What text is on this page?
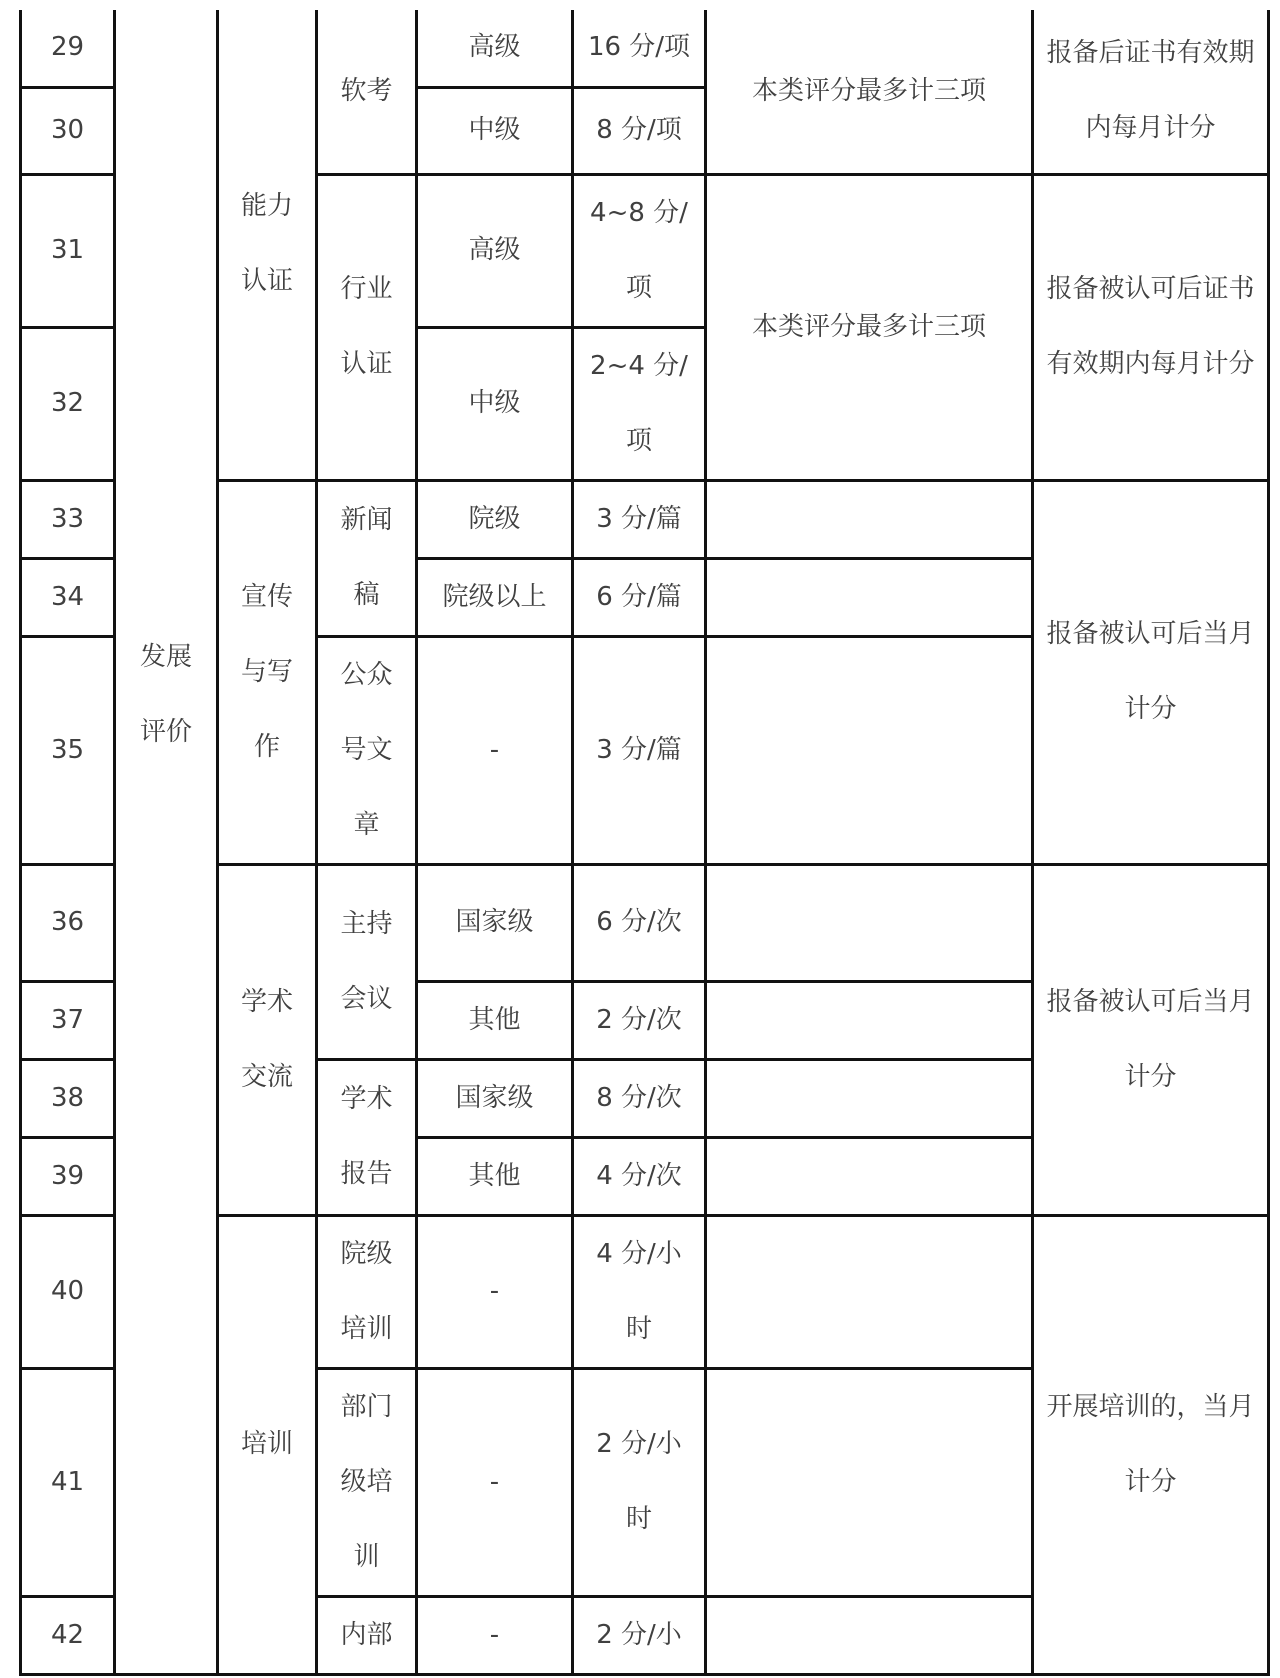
29	发展评价	能力认证	软考	高级	16 分/项	本类评分最多计三项	报备后证书有效期内每月计分
30				中级	8 分/项		
31			行业认证	高级	4~8 分/项	本类评分最多计三项	报备被认可后证书有效期内每月计分
32				中级	2~4 分/项		
33		宣传与写作	新闻稿	院级	3 分/篇		报备被认可后当月计分
34				院级以上	6 分/篇		
35			公众号文章	-	3 分/篇		
36		学术交流	主持会议	国家级	6 分/次		报备被认可后当月计分
37				其他	2 分/次		
38			学术报告	国家级	8 分/次		
39				其他	4 分/次		
40		培训	院级培训	-	4 分/小时		开展培训的，当月计分
41			部门级培训	-	2 分/小时		
42			内部	-	2 分/小		
